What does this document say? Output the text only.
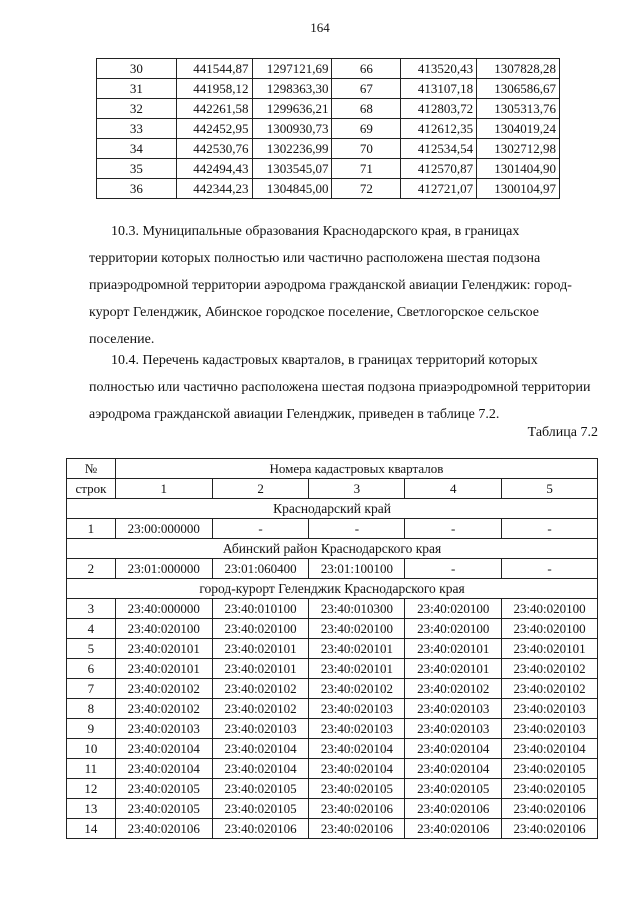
164
30	441544,87	1297121,69	66	413520,43	1307828,28
31	441958,12	1298363,30	67	413107,18	1306586,67
32	442261,58	1299636,21	68	412803,72	1305313,76
33	442452,95	1300930,73	69	412612,35	1304019,24
34	442530,76	1302236,99	70	412534,54	1302712,98
35	442494,43	1303545,07	71	412570,87	1301404,90
36	442344,23	1304845,00	72	412721,07	1300104,97
10.3. Муниципальные образования Краснодарского края, в границах
территории которых полностью или частично расположена шестая подзона
приаэродромной территории аэродрома гражданской авиации Геленджик: город-
курорт Геленджик, Абинское городское поселение, Светлогорское сельское
поселение.
10.4. Перечень кадастровых кварталов, в границах территорий которых
полностью или частично расположена шестая подзона приаэродромной территории
аэродрома гражданской авиации Геленджик, приведен в таблице 7.2.
Таблица 7.2
№	Номера кадастровых кварталов				
строк	1	2	3	4	5
Краснодарский край					
1	23:00:000000	-	-	-	-
Абинский район Краснодарского края					
2	23:01:000000	23:01:060400	23:01:100100	-	-
город-курорт Геленджик Краснодарского края					
3	23:40:000000	23:40:010100	23:40:010300	23:40:020100	23:40:020100
4	23:40:020100	23:40:020100	23:40:020100	23:40:020100	23:40:020100
5	23:40:020101	23:40:020101	23:40:020101	23:40:020101	23:40:020101
6	23:40:020101	23:40:020101	23:40:020101	23:40:020101	23:40:020102
7	23:40:020102	23:40:020102	23:40:020102	23:40:020102	23:40:020102
8	23:40:020102	23:40:020102	23:40:020103	23:40:020103	23:40:020103
9	23:40:020103	23:40:020103	23:40:020103	23:40:020103	23:40:020103
10	23:40:020104	23:40:020104	23:40:020104	23:40:020104	23:40:020104
11	23:40:020104	23:40:020104	23:40:020104	23:40:020104	23:40:020105
12	23:40:020105	23:40:020105	23:40:020105	23:40:020105	23:40:020105
13	23:40:020105	23:40:020105	23:40:020106	23:40:020106	23:40:020106
14	23:40:020106	23:40:020106	23:40:020106	23:40:020106	23:40:020106
